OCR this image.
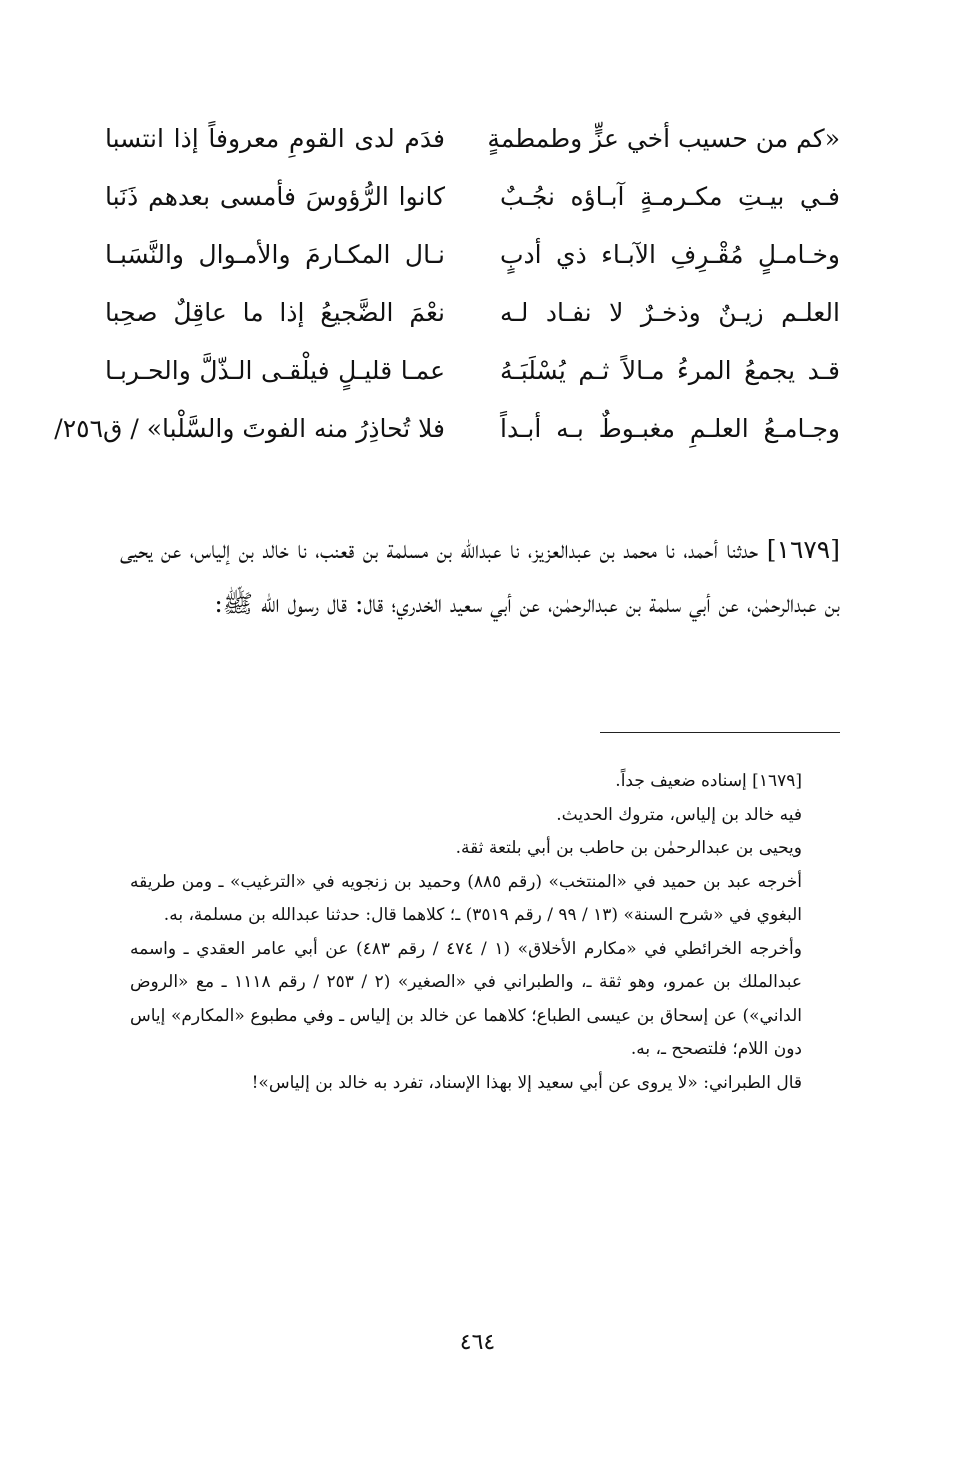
«كم من حسيب أخي عزٍّ وطمطمةٍ
فدَم لدى القومِ معروفاً إذا انتسبا
فـي بيـتِ مكـرمـةٍ آبـاؤه نجُـبٌ
كانوا الرُّؤوسَ فأمسى بعدهم ذَنَبا
وخـامـلٍ مُقْـرِفِ الآبـاء ذي أدبٍ
نـال المكـارمَ والأمـوال والنَّسَبـا
العلـم زيـنٌ وذخـرٌ لا نفـاد لـه
نعْمَ الضَّجيعُ إذا ما عاقِلٌ صحِبا
قـد يجمعُ المرءُ مـالاً ثـم يُسْلَبَـهُ
عمـا قليـلٍ فيلْقـى الـذّلَّ والحـربـا
وجـامـعُ العلـمِ مغبـوطٌ بـه أبـداً
فلا تُحاذِرُ منه الفوتَ والسَّلْبا» / ق٢٥٦/

[١٦٧٩] حدثنا أحمد، نا محمد بن عبدالعزيز، نا عبدالله بن مسلمة بن قعنب، نا خالد بن إلياس، عن يحيى بن عبدالرحمٰن، عن أبي سلمة بن عبدالرحمٰن، عن أبي سعيد الخدري؛ قال: قال رسول الله ﷺ:

[١٦٧٩] إسناده ضعيف جداً.

فيه خالد بن إلياس، متروك الحديث.

ويحيى بن عبدالرحمٰن بن حاطب بن أبي بلتعة ثقة.

أخرجه عبد بن حميد في «المنتخب» (رقم ٨٨٥) وحميد بن زنجويه في «الترغيب» ـ ومن طريقه البغوي في «شرح السنة» (١٣ / ٩٩ / رقم ٣٥١٩) ـ؛ كلاهما قال: حدثنا عبدالله بن مسلمة، به.

وأخرجه الخرائطي في «مكارم الأخلاق» (١ / ٤٧٤ / رقم ٤٨٣) عن أبي عامر العقدي ـ واسمه عبدالملك بن عمرو، وهو ثقة ـ، والطبراني في «الصغير» (٢ / ٢٥٣ / رقم ١١١٨ ـ مع «الروض الداني») عن إسحاق بن عيسى الطباع؛ كلاهما عن خالد بن إلياس ـ وفي مطبوع «المكارم» إياس دون اللام؛ فلتصحح ـ، به.

قال الطبراني: «لا يروى عن أبي سعيد إلا بهذا الإسناد، تفرد به خالد بن إلياس»!

٤٦٤
